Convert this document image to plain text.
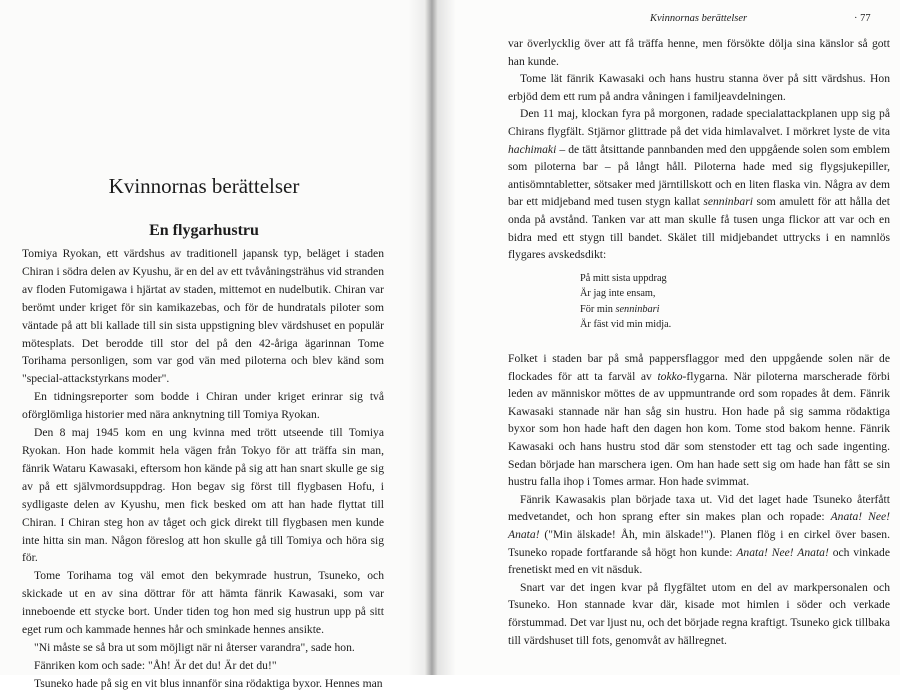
Kvinnornas berättelser
En flygarhustru

Tomiya Ryokan, ett värdshus av traditionell japansk typ, beläget i staden Chiran i södra delen av Kyushu, är en del av ett tvåvåningsträhus vid stranden av floden Futomigawa i hjärtat av staden, mittemot en nudelbutik. Chiran var berömt under kriget för sin kamikazebas, och för de hundratals piloter som väntade på att bli kallade till sin sista uppstigning blev värdshuset en populär mötesplats. Det berodde till stor del på den 42-åriga ägarinnan Tome Torihama personligen, som var god vän med piloterna och blev känd som "special-attackstyrkans moder".

En tidningsreporter som bodde i Chiran under kriget erinrar sig två oförglömliga historier med nära anknytning till Tomiya Ryokan.

Den 8 maj 1945 kom en ung kvinna med trött utseende till Tomiya Ryokan. Hon hade kommit hela vägen från Tokyo för att träffa sin man, fänrik Wataru Kawasaki, eftersom hon kände på sig att han snart skulle ge sig av på ett självmordsuppdrag. Hon begav sig först till flygbasen Hofu, i sydligaste delen av Kyushu, men fick besked om att han hade flyttat till Chiran. I Chiran steg hon av tåget och gick direkt till flygbasen men kunde inte hitta sin man. Någon föreslog att hon skulle gå till Tomiya och höra sig för.

Tome Torihama tog väl emot den bekymrade hustrun, Tsuneko, och skickade ut en av sina döttrar för att hämta fänrik Kawasaki, som var inneboende ett stycke bort. Under tiden tog hon med sig hustrun upp på sitt eget rum och kammade hennes hår och sminkade hennes ansikte.

"Ni måste se så bra ut som möjligt när ni återser varandra", sade hon.

Fänriken kom och sade: "Åh! Är det du! Är det du!"

Tsuneko hade på sig en vit blus innanför sina rödaktiga byxor. Hennes man

Kvinnornas berättelser	· 77

var överlycklig över att få träffa henne, men försökte dölja sina känslor så gott han kunde.

Tome lät fänrik Kawasaki och hans hustru stanna över på sitt värdshus. Hon erbjöd dem ett rum på andra våningen i familjeavdelningen.

Den 11 maj, klockan fyra på morgonen, radade specialattackplanen upp sig på Chirans flygfält. Stjärnor glittrade på det vida himlavalvet. I mörkret lyste de vita hachimaki – de tätt åtsittande pannbanden med den uppgående solen som emblem som piloterna bar – på långt håll. Piloterna hade med sig flygsjukepiller, antisömntabletter, sötsaker med järntillskott och en liten flaska vin. Några av dem bar ett midjeband med tusen stygn kallat senninbari som amulett för att hålla det onda på avstånd. Tanken var att man skulle få tusen unga flickor att var och en bidra med ett stygn till bandet. Skälet till midjebandet uttrycks i en namnlös flygares avskedsdikt:

På mitt sista uppdrag
Är jag inte ensam,
För min senninbari
Är fäst vid min midja.

Folket i staden bar på små pappersflaggor med den uppgående solen när de flockades för att ta farväl av tokko-flygarna. När piloterna marscherade förbi leden av människor möttes de av uppmuntrande ord som ropades åt dem. Fänrik Kawasaki stannade när han såg sin hustru. Hon hade på sig samma rödaktiga byxor som hon hade haft den dagen hon kom. Tome stod bakom henne. Fänrik Kawasaki och hans hustru stod där som stenstoder ett tag och sade ingenting. Sedan började han marschera igen. Om han hade sett sig om hade han fått se sin hustru falla ihop i Tomes armar. Hon hade svimmat.

Fänrik Kawasakis plan började taxa ut. Vid det laget hade Tsuneko återfått medvetandet, och hon sprang efter sin makes plan och ropade: Anata! Nee! Anata! ("Min älskade! Åh, min älskade!"). Planen flög i en cirkel över basen. Tsuneko ropade fortfarande så högt hon kunde: Anata! Nee! Anata! och vinkade frenetiskt med en vit näsduk.

Snart var det ingen kvar på flygfältet utom en del av markpersonalen och Tsuneko. Hon stannade kvar där, kisade mot himlen i söder och verkade förstummad. Det var ljust nu, och det började regna kraftigt. Tsuneko gick tillbaka till värdshuset till fots, genomvåt av hällregnet.
